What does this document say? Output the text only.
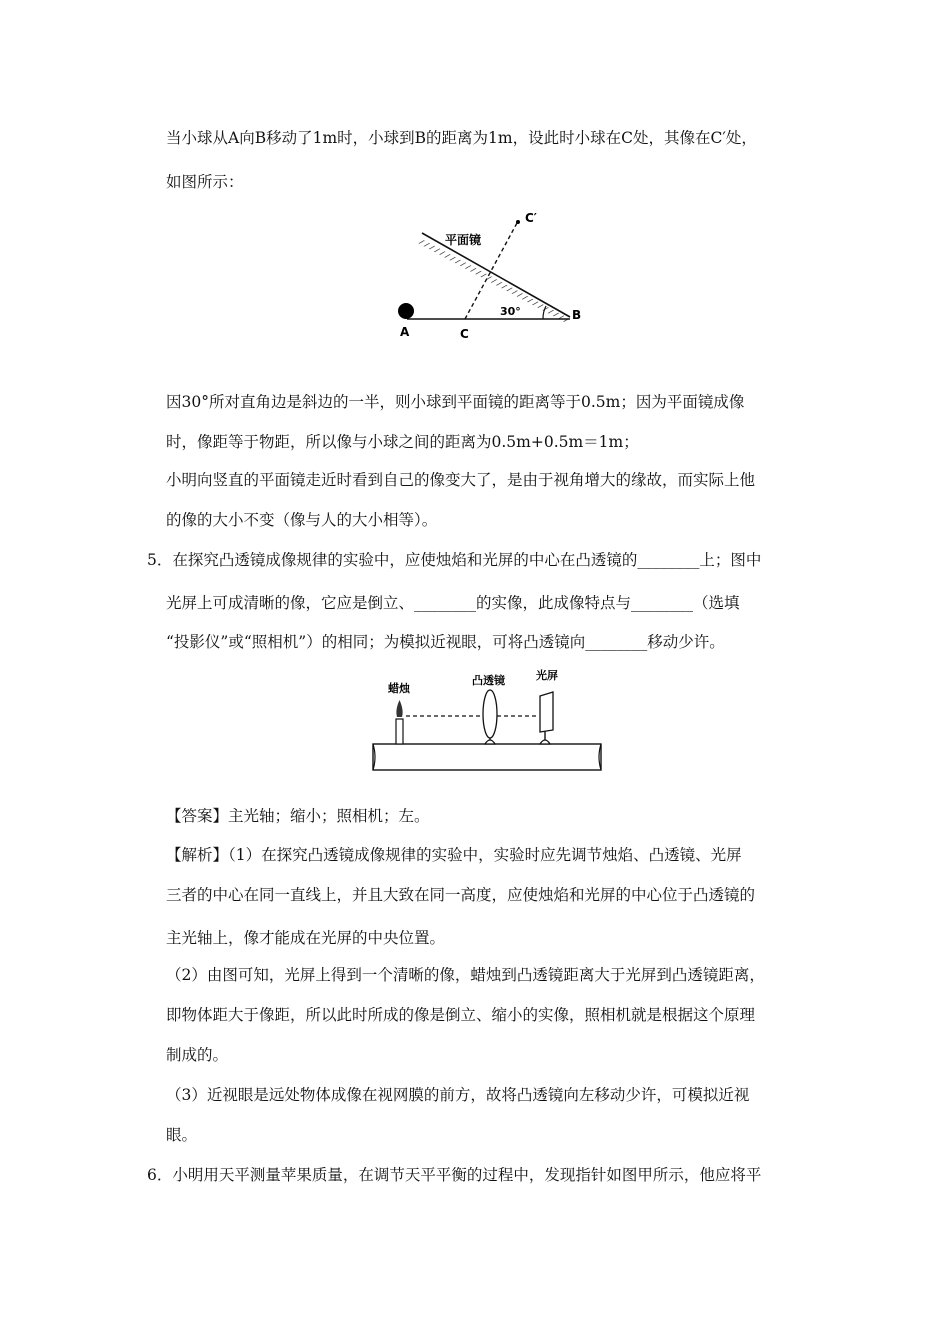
当小球从A向B移动了1m时，小球到B的距离为1m，设此时小球在C处，其像在C′处，
如图所示：
平面镜
30°
A	C
B
C′
因30°所对直角边是斜边的一半，则小球到平面镜的距离等于0.5m；因为平面镜成像
时，像距等于物距，所以像与小球之间的距离为0.5m+0.5m＝1m；
小明向竖直的平面镜走近时看到自己的像变大了，是由于视角增大的缘故，而实际上他
的像的大小不变（像与人的大小相等）。
5．在探究凸透镜成像规律的实验中，应使烛焰和光屏的中心在凸透镜的________上；图中
光屏上可成清晰的像，它应是倒立、________的实像，此成像特点与________（选填
“投影仪”或“照相机”）的相同；为模拟近视眼，可将凸透镜向________移动少许。
蜡烛
凸透镜	光屏
【答案】主光轴；缩小；照相机；左。
【解析】（1）在探究凸透镜成像规律的实验中，实验时应先调节烛焰、凸透镜、光屏
三者的中心在同一直线上，并且大致在同一高度，应使烛焰和光屏的中心位于凸透镜的
主光轴上，像才能成在光屏的中央位置。
（2）由图可知，光屏上得到一个清晰的像，蜡烛到凸透镜距离大于光屏到凸透镜距离，
即物体距大于像距，所以此时所成的像是倒立、缩小的实像，照相机就是根据这个原理
制成的。
（3）近视眼是远处物体成像在视网膜的前方，故将凸透镜向左移动少许，可模拟近视
眼。
6．小明用天平测量苹果质量，在调节天平平衡的过程中，发现指针如图甲所示，他应将平
